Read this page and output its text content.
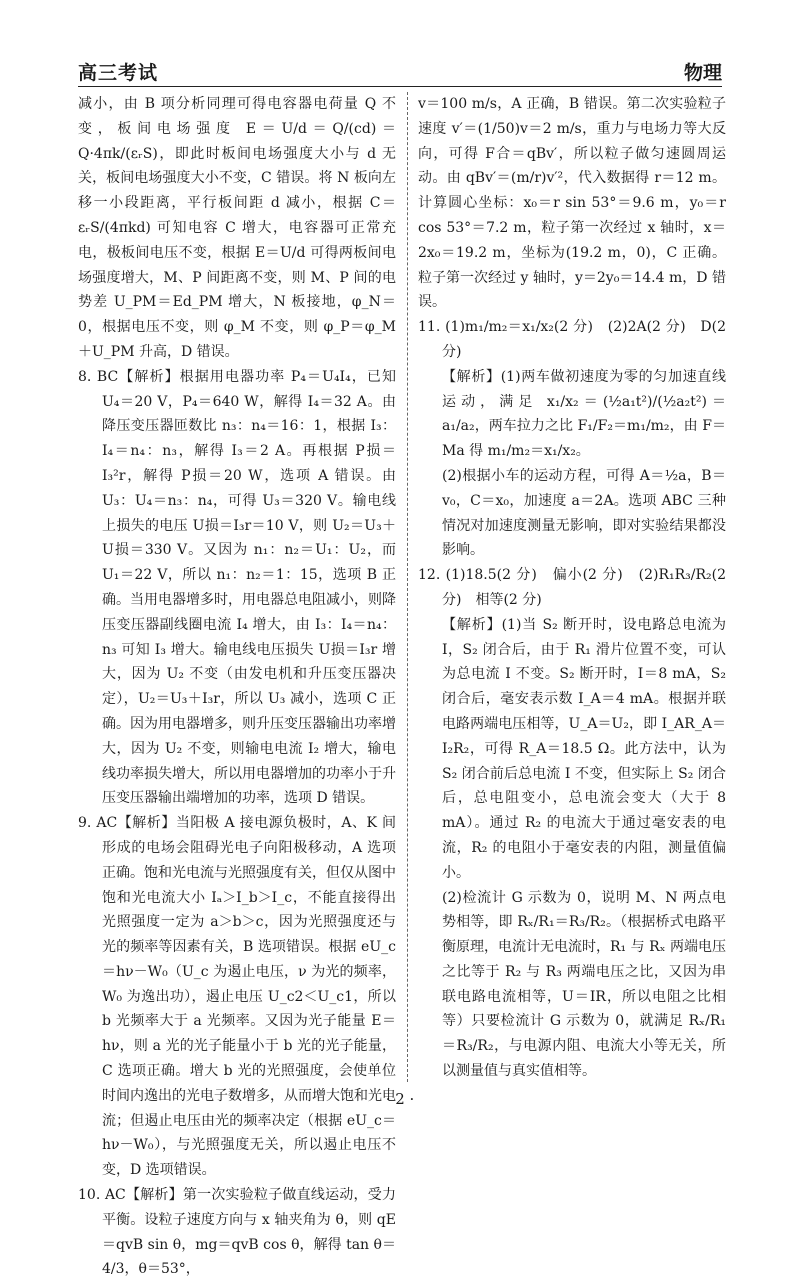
高三考试	物理

减小，由 B 项分析同理可得电容器电荷量 Q 不变，板间电场强度 E＝U/d＝Q/(cd)＝Q·4πk/(εᵣS)，即此时板间电场强度大小与 d 无关，板间电场强度大小不变，C 错误。将 N 板向左移一小段距离，平行板间距 d 减小，根据 C＝εᵣS/(4πkd) 可知电容 C 增大，电容器可正常充电，极板间电压不变，根据 E＝U/d 可得两板间电场强度增大，M、P 间距离不变，则 M、P 间的电势差 U_PM＝Ed_PM 增大，N 板接地，φ_N＝0，根据电压不变，则 φ_M 不变，则 φ_P＝φ_M＋U_PM 升高，D 错误。

8. BC【解析】根据用电器功率 P₄＝U₄I₄，已知 U₄＝20 V，P₄＝640 W，解得 I₄＝32 A。由降压变压器匝数比 n₃：n₄＝16：1，根据 I₃：I₄＝n₄：n₃，解得 I₃＝2 A。再根据 P损＝I₃²r，解得 P损＝20 W，选项 A 错误。由 U₃：U₄＝n₃：n₄，可得 U₃＝320 V。输电线上损失的电压 U损＝I₃r＝10 V，则 U₂＝U₃＋U损＝330 V。又因为 n₁：n₂＝U₁：U₂，而 U₁＝22 V，所以 n₁：n₂＝1：15，选项 B 正确。当用电器增多时，用电器总电阻减小，则降压变压器副线圈电流 I₄ 增大，由 I₃：I₄＝n₄：n₃ 可知 I₃ 增大。输电线电压损失 U损＝I₃r 增大，因为 U₂ 不变（由发电机和升压变压器决定），U₂＝U₃＋I₃r，所以 U₃ 减小，选项 C 正确。因为用电器增多，则升压变压器输出功率增大，因为 U₂ 不变，则输电电流 I₂ 增大，输电线功率损失增大，所以用电器增加的功率小于升压变压器输出端增加的功率，选项 D 错误。

9. AC【解析】当阳极 A 接电源负极时，A、K 间形成的电场会阻碍光电子向阳极移动，A 选项正确。饱和光电流与光照强度有关，但仅从图中饱和光电流大小 Iₐ＞I_b＞I_c，不能直接得出光照强度一定为 a＞b＞c，因为光照强度还与光的频率等因素有关，B 选项错误。根据 eU_c＝hν－W₀（U_c 为遏止电压，ν 为光的频率，W₀ 为逸出功），遏止电压 U_c2＜U_c1，所以 b 光频率大于 a 光频率。又因为光子能量 E＝hν，则 a 光的光子能量小于 b 光的光子能量，C 选项正确。增大 b 光的光照强度，会使单位时间内逸出的光电子数增多，从而增大饱和光电流；但遏止电压由光的频率决定（根据 eU_c＝hν－W₀），与光照强度无关，所以遏止电压不变，D 选项错误。

10. AC【解析】第一次实验粒子做直线运动，受力平衡。设粒子速度方向与 x 轴夹角为 θ，则 qE＝qvB sin θ，mg＝qvB cos θ，解得 tan θ＝4/3，θ＝53°，

v＝100 m/s，A 正确，B 错误。第二次实验粒子速度 v′＝(1/50)v＝2 m/s，重力与电场力等大反向，可得 F合＝qBv′，所以粒子做匀速圆周运动。由 qBv′＝(m/r)v′²，代入数据得 r＝12 m。计算圆心坐标：x₀＝r sin 53°＝9.6 m，y₀＝r cos 53°＝7.2 m，粒子第一次经过 x 轴时，x＝2x₀＝19.2 m，坐标为(19.2 m，0)，C 正确。粒子第一次经过 y 轴时，y＝2y₀＝14.4 m，D 错误。

11. (1)m₁/m₂＝x₁/x₂(2 分)　(2)2A(2 分)　D(2 分)

【解析】(1)两车做初速度为零的匀加速直线运动，满足 x₁/x₂＝(½a₁t²)/(½a₂t²)＝a₁/a₂，两车拉力之比 F₁/F₂＝m₁/m₂，由 F＝Ma 得 m₁/m₂＝x₁/x₂。

(2)根据小车的运动方程，可得 A＝½a，B＝v₀，C＝x₀，加速度 a＝2A。选项 ABC 三种情况对加速度测量无影响，即对实验结果都没影响。

12. (1)18.5(2 分)　偏小(2 分)　(2)R₁R₃/R₂(2 分)　相等(2 分)

【解析】(1)当 S₂ 断开时，设电路总电流为 I，S₂ 闭合后，由于 R₁ 滑片位置不变，可认为总电流 I 不变。S₂ 断开时，I＝8 mA，S₂ 闭合后，毫安表示数 I_A＝4 mA。根据并联电路两端电压相等，U_A＝U₂，即 I_AR_A＝I₂R₂，可得 R_A＝18.5 Ω。此方法中，认为 S₂ 闭合前后总电流 I 不变，但实际上 S₂ 闭合后，总电阻变小，总电流会变大（大于 8 mA）。通过 R₂ 的电流大于通过毫安表的电流，R₂ 的电阻小于毫安表的内阻，测量值偏小。

(2)检流计 G 示数为 0，说明 M、N 两点电势相等，即 Rₓ/R₁＝R₃/R₂。（根据桥式电路平衡原理，电流计无电流时，R₁ 与 Rₓ 两端电压之比等于 R₂ 与 R₃ 两端电压之比，又因为串联电路电流相等，U＝IR，所以电阻之比相等）只要检流计 G 示数为 0，就满足 Rₓ/R₁＝R₃/R₂，与电源内阻、电流大小等无关，所以测量值与真实值相等。

· 2 ·
